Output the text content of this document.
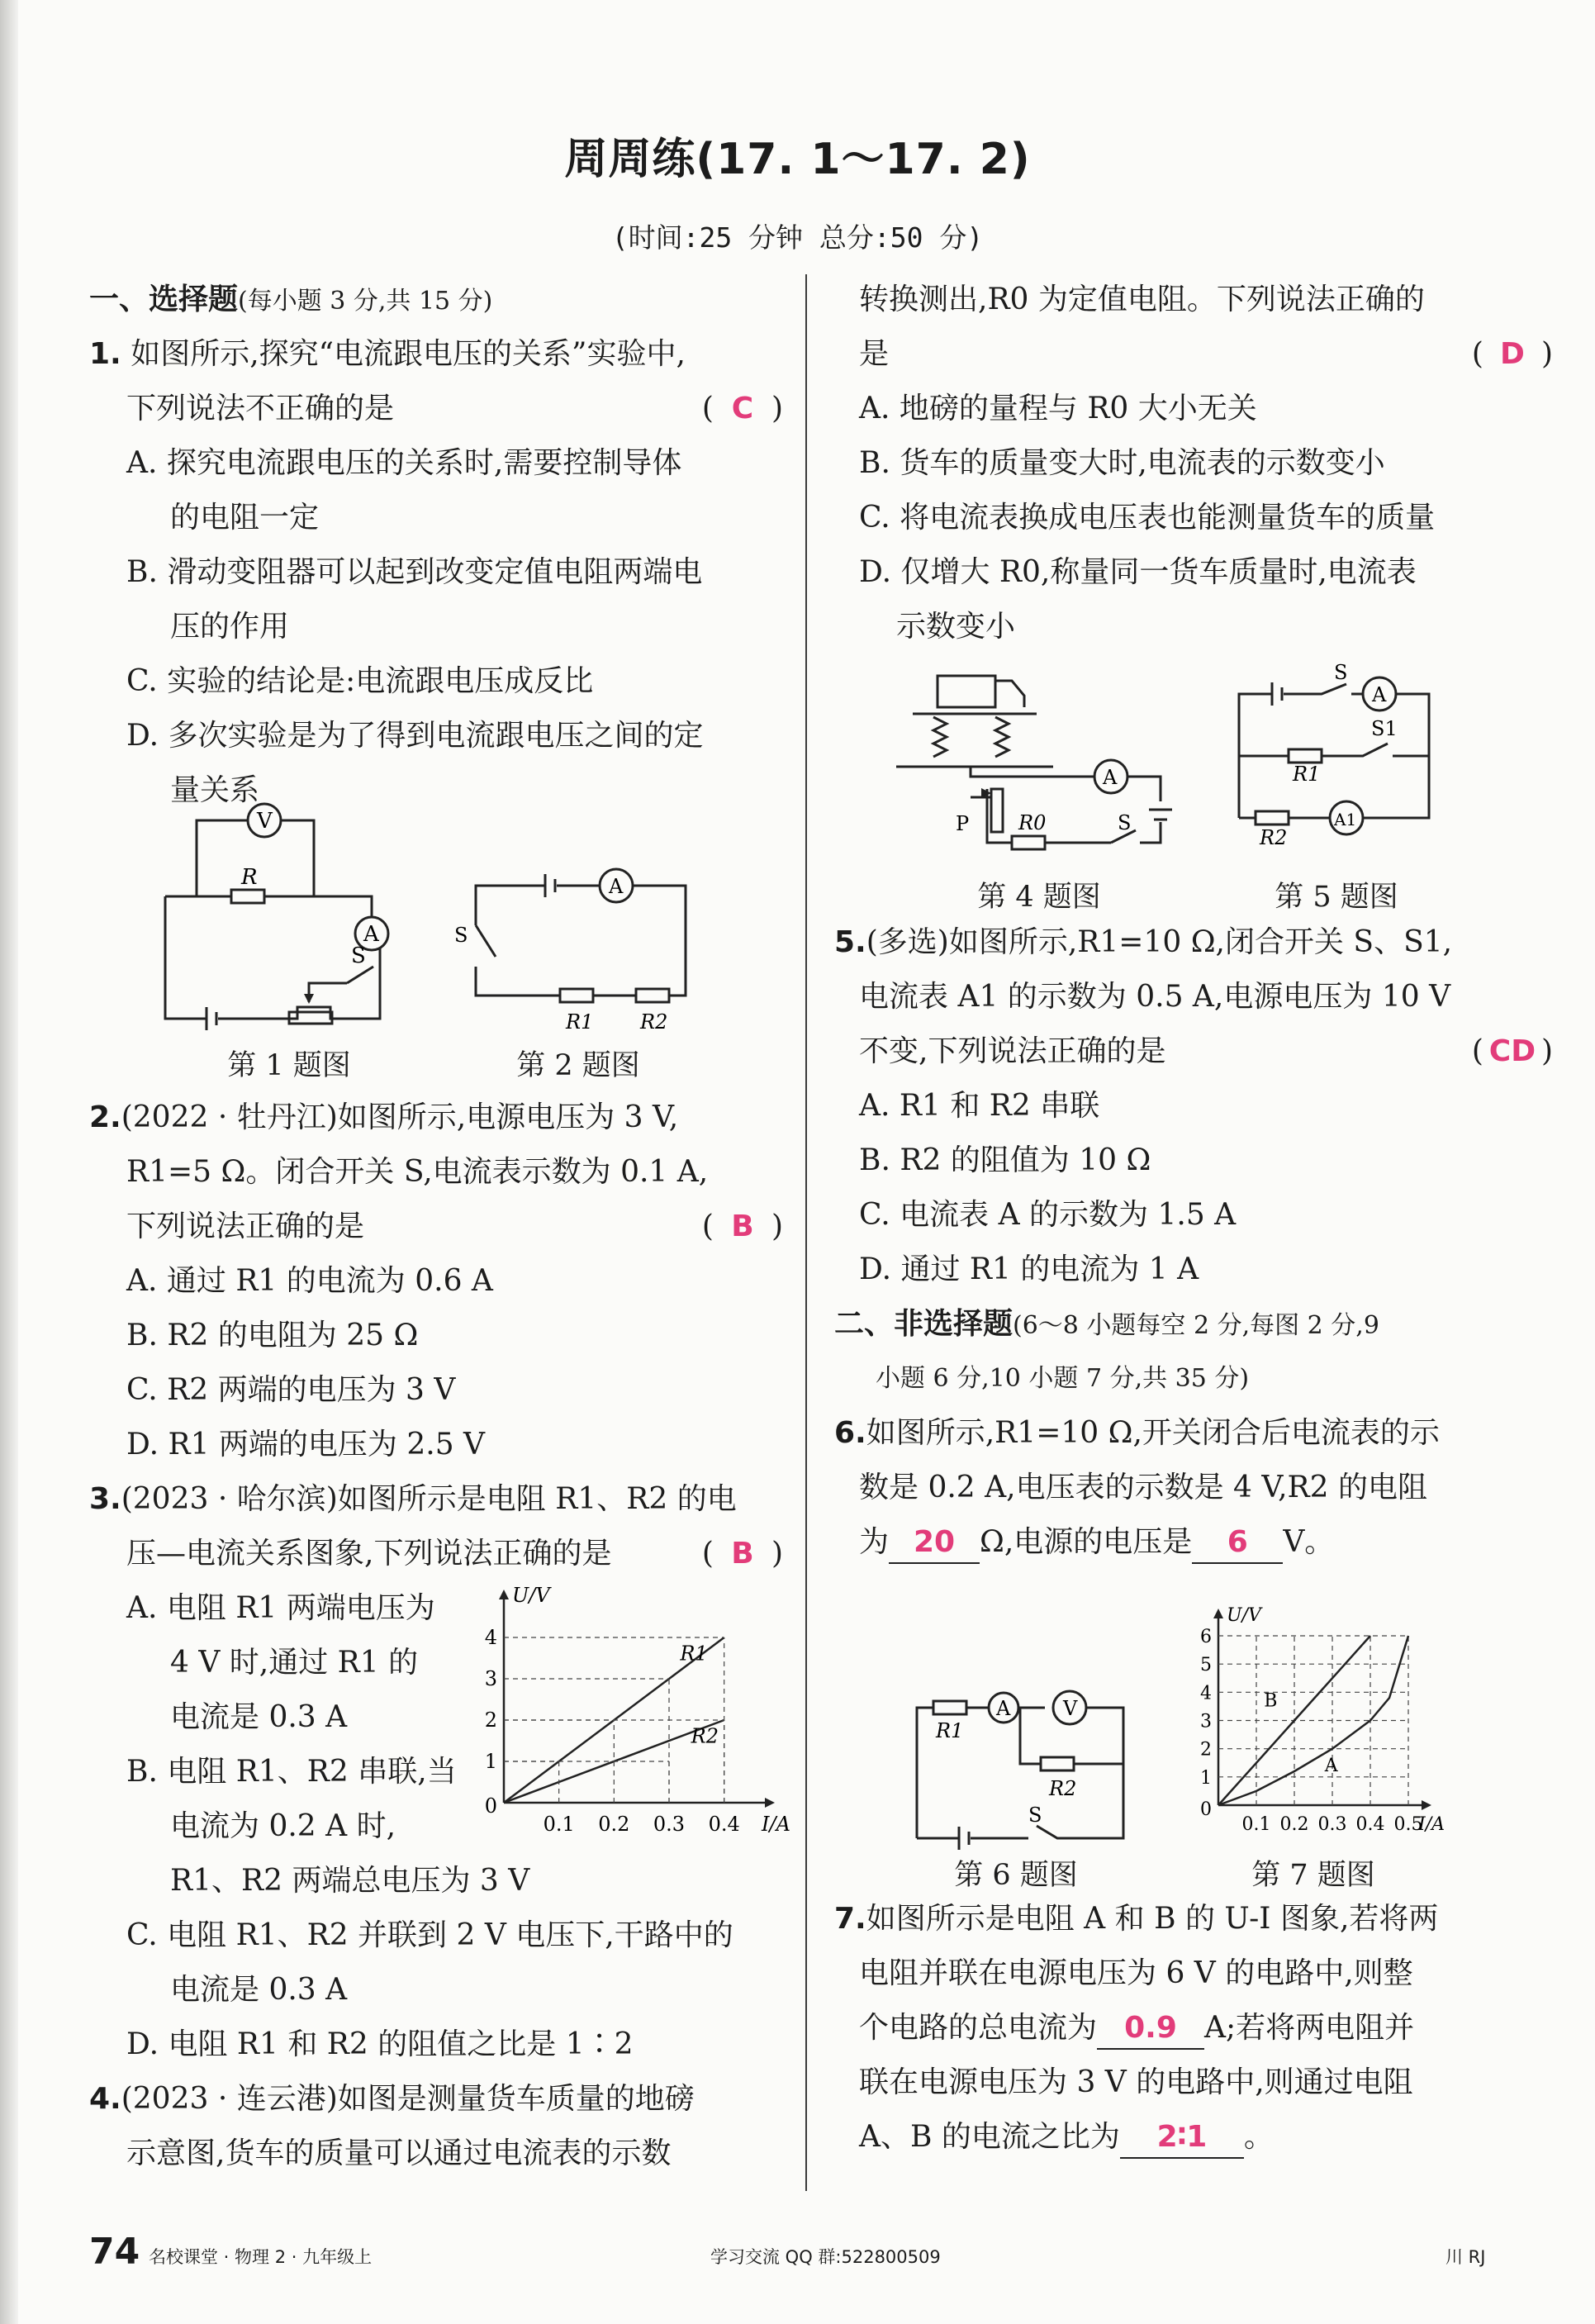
周周练(17. 1～17. 2)
(时间:25 分钟 总分:50 分)
一、选择题(每小题 3 分,共 15 分)
1. 如图所示,探究“电流跟电压的关系”实验中,
下列说法不正确的是	( C )
A. 探究电流跟电压的关系时,需要控制导体
的电阻一定
B. 滑动变阻器可以起到改变定值电阻两端电
压的作用
C. 实验的结论是:电流跟电压成反比
D. 多次实验是为了得到电流跟电压之间的定
量关系
2.(2022 · 牡丹江)如图所示,电源电压为 3 V,
R1=5 Ω。闭合开关 S,电流表示数为 0.1 A,
下列说法正确的是	( B )
A. 通过 R1 的电流为 0.6 A
B. R2 的电阻为 25 Ω
C. R2 两端的电压为 3 V
D. R1 两端的电压为 2.5 V
3.(2023 · 哈尔滨)如图所示是电阻 R1、R2 的电
压—电流关系图象,下列说法正确的是	( B )
A. 电阻 R1 两端电压为
4 V 时,通过 R1 的
电流是 0.3 A
B. 电阻 R1、R2 串联,当
电流为 0.2 A 时,
R1、R2 两端总电压为 3 V
C. 电阻 R1、R2 并联到 2 V 电压下,干路中的
电流是 0.3 A
D. 电阻 R1 和 R2 的阻值之比是 1∶2
4.(2023 · 连云港)如图是测量货车质量的地磅
示意图,货车的质量可以通过电流表的示数
转换测出,R0 为定值电阻。下列说法正确的
是	( D )
A. 地磅的量程与 R0 大小无关
B. 货车的质量变大时,电流表的示数变小
C. 将电流表换成电压表也能测量货车的质量
D. 仅增大 R0,称量同一货车质量时,电流表
示数变小
5.(多选)如图所示,R1=10 Ω,闭合开关 S、S1,
电流表 A1 的示数为 0.5 A,电源电压为 10 V
不变,下列说法正确的是	( CD )
A. R1 和 R2 串联
B. R2 的阻值为 10 Ω
C. 电流表 A 的示数为 1.5 A
D. 通过 R1 的电流为 1 A
二、非选择题(6～8 小题每空 2 分,每图 2 分,9
小题 6 分,10 小题 7 分,共 35 分)
6.如图所示,R1=10 Ω,开关闭合后电流表的示
数是 0.2 A,电压表的示数是 4 V,R2 的电阻
为 20 Ω,电源的电压是 6 V。
7.如图所示是电阻 A 和 B 的 U-I 图象,若将两
电阻并联在电源电压为 6 V 的电路中,则整
个电路的总电流为 0.9 A;若将两电阻并
联在电源电压为 3 V 的电路中,则通过电阻
A、B 的电流之比为 2∶1 。
V
A
R
S
第 1 题图
A
S
R1 R2
第 2 题图
0.1 0.2 0.3 0.4
1
2
3
4
0
U/V
I/A
R1
R2
A
P R0	S
第 4 题图
S
A
S1
R1
A1
R2
第 5 题图
A	V
R1
R2
S
第 6 题图
0.1 0.2 0.3 0.4 0.5
1
2
3
4
5
6
0
U/V
I/A
B
A
第 7 题图
74 名校课堂 · 物理 2 · 九年级上	学习交流 QQ 群:522800509	川 RJ
